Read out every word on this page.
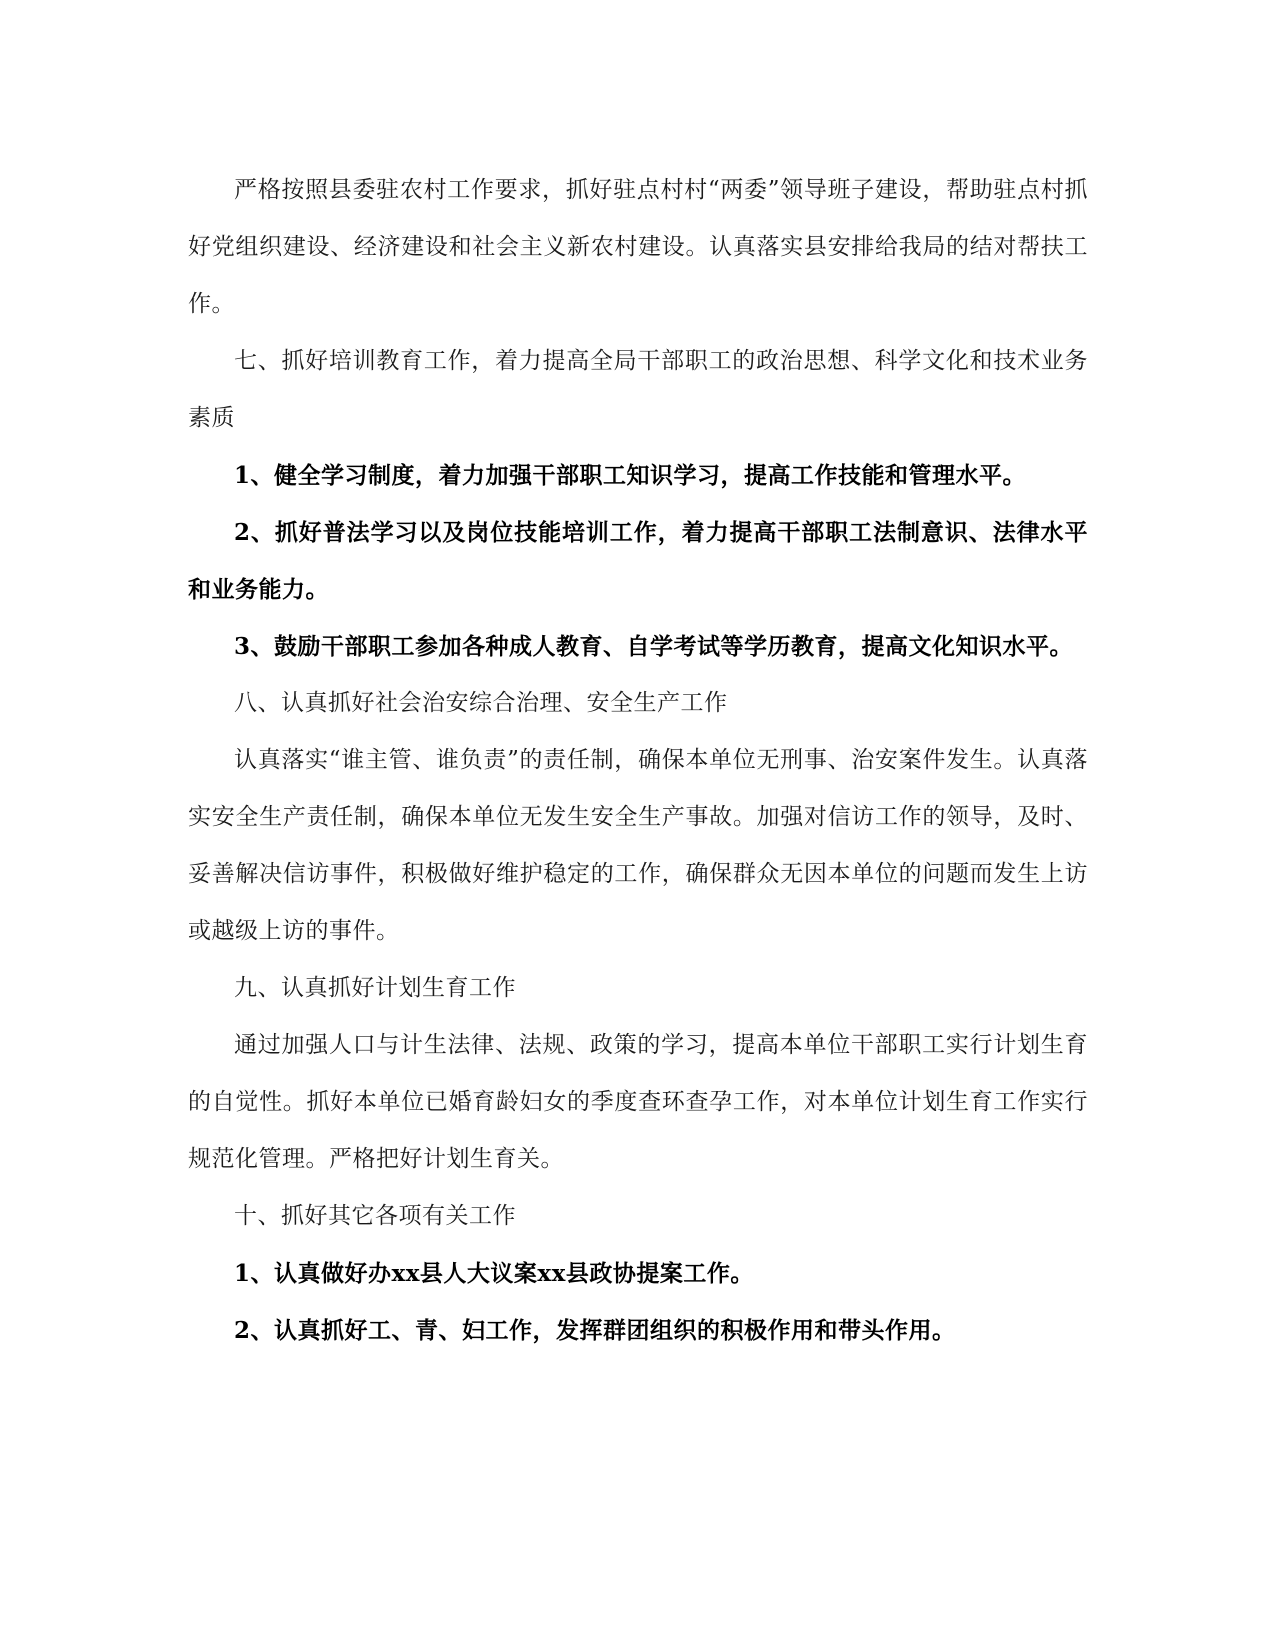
严格按照县委驻农村工作要求，抓好驻点村村“两委”领导班子建设，帮助驻点村抓好党组织建设、经济建设和社会主义新农村建设。认真落实县安排给我局的结对帮扶工作。

七、抓好培训教育工作，着力提高全局干部职工的政治思想、科学文化和技术业务素质

1、健全学习制度，着力加强干部职工知识学习，提高工作技能和管理水平。

2、抓好普法学习以及岗位技能培训工作，着力提高干部职工法制意识、法律水平和业务能力。

3、鼓励干部职工参加各种成人教育、自学考试等学历教育，提高文化知识水平。

八、认真抓好社会治安综合治理、安全生产工作

认真落实“谁主管、谁负责”的责任制，确保本单位无刑事、治安案件发生。认真落实安全生产责任制，确保本单位无发生安全生产事故。加强对信访工作的领导，及时、妥善解决信访事件，积极做好维护稳定的工作，确保群众无因本单位的问题而发生上访或越级上访的事件。

九、认真抓好计划生育工作

通过加强人口与计生法律、法规、政策的学习，提高本单位干部职工实行计划生育的自觉性。抓好本单位已婚育龄妇女的季度查环查孕工作，对本单位计划生育工作实行规范化管理。严格把好计划生育关。

十、抓好其它各项有关工作

1、认真做好办xx县人大议案xx县政协提案工作。

2、认真抓好工、青、妇工作，发挥群团组织的积极作用和带头作用。
